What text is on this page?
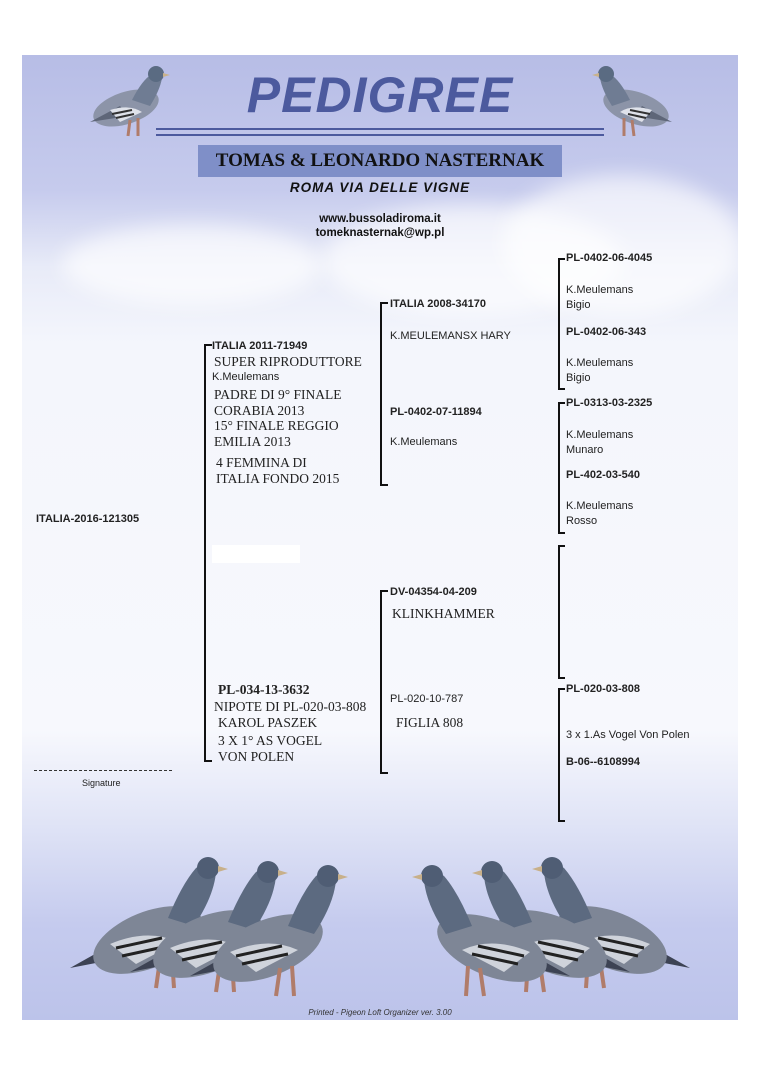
PEDIGREE
TOMAS & LEONARDO NASTERNAK
ROMA VIA DELLE VIGNE
www.bussoladiroma.it
tomeknasternak@wp.pl
ITALIA-2016-121305
ITALIA 2011-71949
SUPER RIPRODUTTORE
K.Meulemans
PADRE DI 9° FINALE
CORABIA 2013
15° FINALE REGGIO
EMILIA 2013
4 FEMMINA DI
ITALIA FONDO 2015
PL-034-13-3632
NIPOTE DI PL-020-03-808
KAROL PASZEK
3 X 1° AS VOGEL
VON POLEN
ITALIA 2008-34170
K.MEULEMANSX HARY
PL-0402-07-11894
K.Meulemans
DV-04354-04-209
KLINKHAMMER
PL-020-10-787
FIGLIA 808
PL-0402-06-4045
K.Meulemans
Bigio
PL-0402-06-343
K.Meulemans
Bigio
PL-0313-03-2325
K.Meulemans
Munaro
PL-402-03-540
K.Meulemans
Rosso
PL-020-03-808
3 x 1.As Vogel Von Polen
B-06--6108994
Signature
Printed - Pigeon Loft Organizer ver. 3.00
